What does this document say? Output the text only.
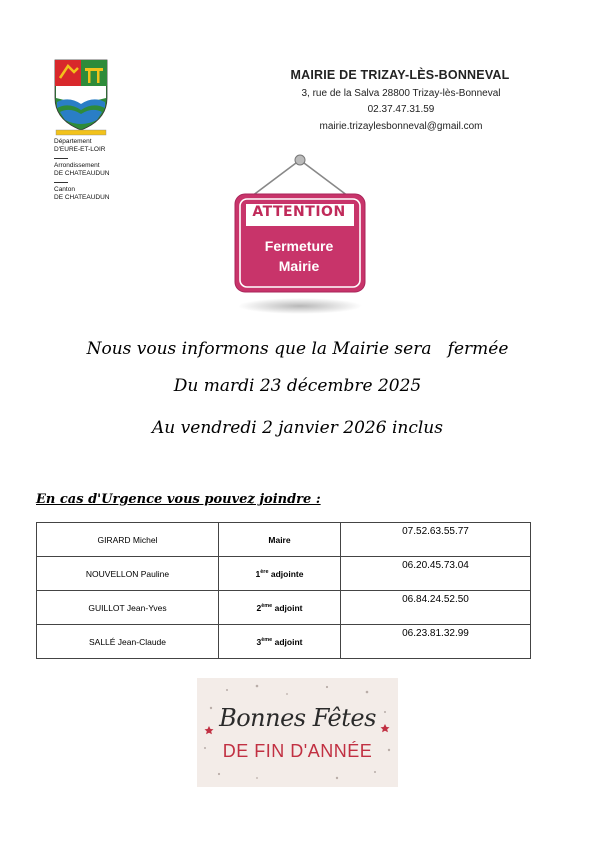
Département
D'EURE-ET-LOIR
Arrondissement
DE CHATEAUDUN
Canton
DE CHATEAUDUN
MAIRIE DE TRIZAY-LÈS-BONNEVAL
3, rue de la Salva 28800 Trizay-lès-Bonneval
02.37.47.31.59
mairie.trizaylesbonneval@gmail.com
ATTENTION
Fermeture
Mairie
Nous vous informons que la Mairie sera   fermée
Du mardi 23 décembre 2025
Au vendredi 2 janvier 2026 inclus
En cas d'Urgence vous pouvez joindre :
GIRARD Michel	Maire	07.52.63.55.77
NOUVELLON Pauline	1ère adjointe	06.20.45.73.04
GUILLOT Jean-Yves	2ème adjoint	06.84.24.52.50
SALLÉ Jean-Claude	3ème adjoint	06.23.81.32.99
Bonnes Fêtes
DE FIN D'ANNÉE
